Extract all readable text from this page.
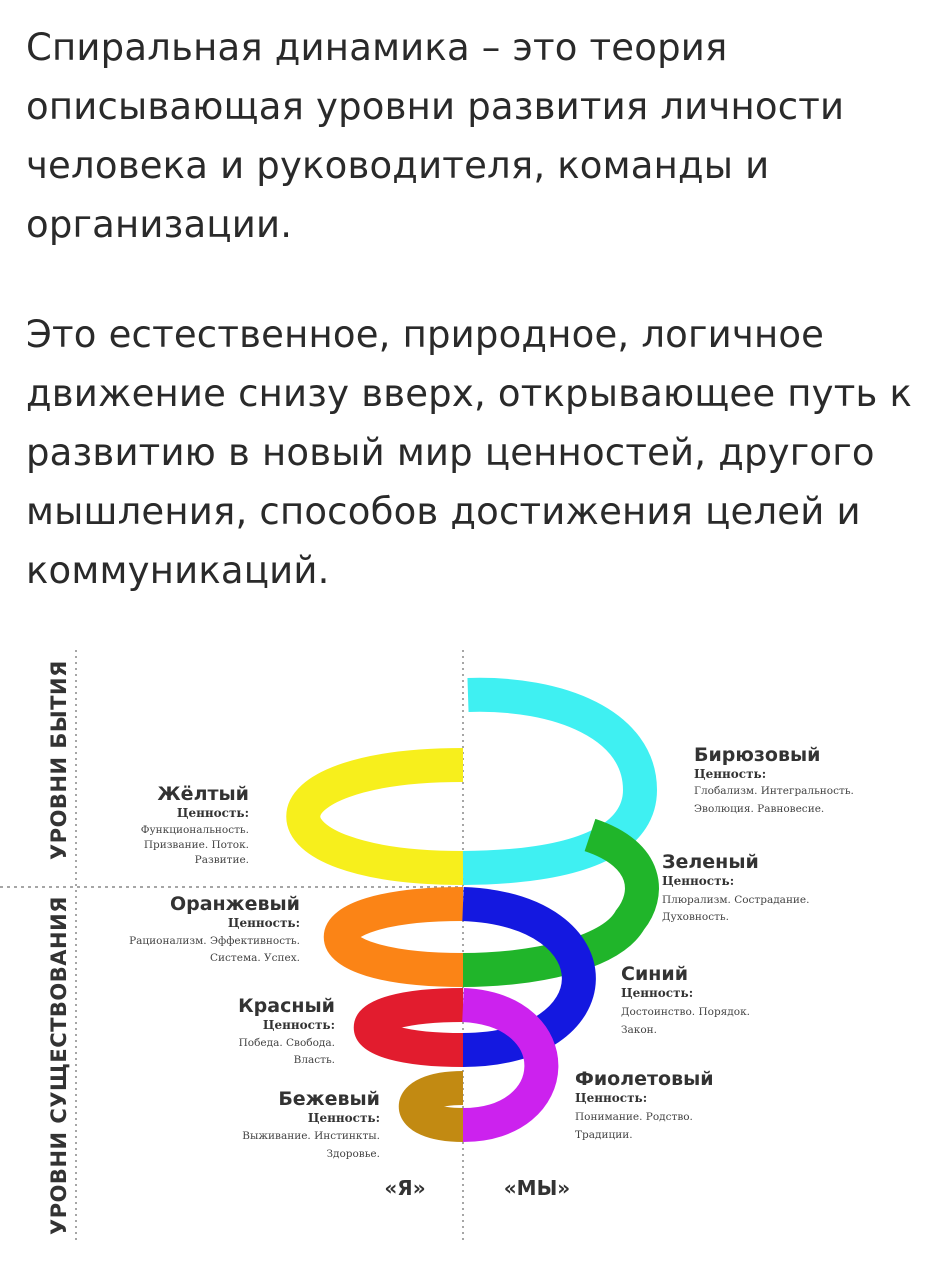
Спиральная динамика – это теория описывающая уровни развития личности человека и руководителя, команды и организации.

Это естественное, природное, логичное движение снизу вверх, открывающее путь к развитию в новый мир ценностей, другого мышления, способов достижения целей и коммуникаций.

УРОВНИ БЫТИЯ
УРОВНИ СУЩЕСТВОВАНИЯ
Бирюзовый
Ценность:
Глобализм. Интегральность.
Эволюция. Равновесие.
Зеленый
Ценность:
Плюрализм. Сострадание.
Духовность.
Синий
Ценность:
Достоинство. Порядок.
Закон.
Фиолетовый
Ценность:
Понимание. Родство.
Традиции.
Жёлтый
Ценность:
Функциональность.
Призвание. Поток.
Развитие.
Оранжевый
Ценность:
Рационализм. Эффективность.
Система. Успех.
Красный
Ценность:
Победа. Свобода.
Власть.
Бежевый
Ценность:
Выживание. Инстинкты.
Здоровье.
«Я»	«МЫ»
